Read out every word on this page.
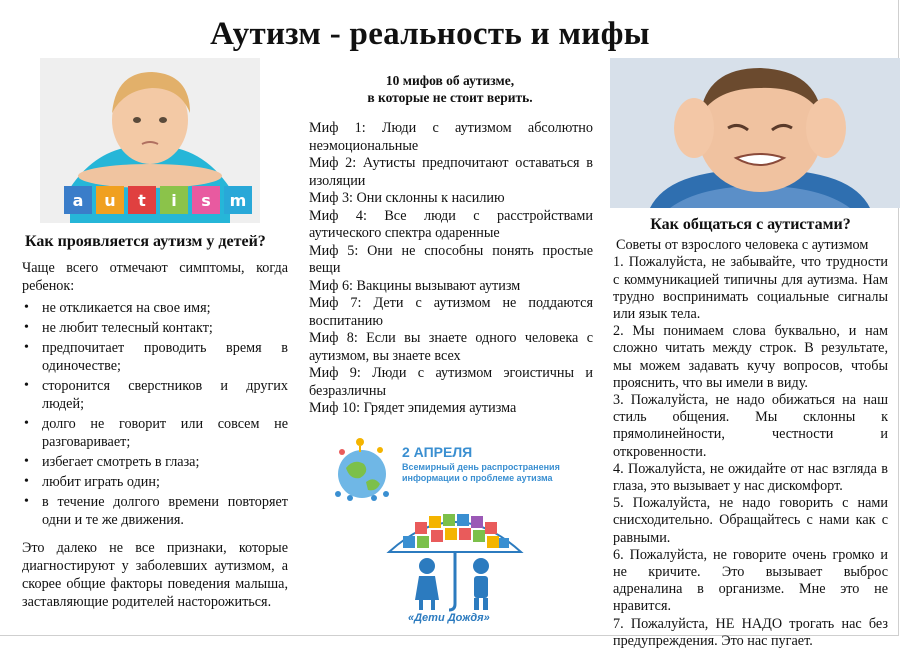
Аутизм - реальность и мифы
a u t i s m
Как проявляется аутизм у детей?

Чаще всего отмечают симптомы, когда ребенок:

• не откликается на свое имя;
• не любит телесный контакт;
• предпочитает проводить время в одиночестве;
• сторонится сверстников и других людей;
• долго не говорит или совсем не разговаривает;
• избегает смотреть в глаза;
• любит играть один;
• в течение долгого времени повторяет одни и те же движения.

Это далеко не все признаки, которые диагностируют у заболевших аутизмом, а скорее общие факторы поведения малыша, заставляющие родителей насторожиться.

10 мифов об аутизме,
в которые не стоит верить.
Миф 1: Люди с аутизмом абсолютно неэмоциональные
Миф 2: Аутисты предпочитают оставаться в изоляции
Миф 3: Они склонны к насилию
Миф 4: Все люди с расстройствами аутического спектра одаренные
Миф 5: Они не способны понять простые вещи
Миф 6: Вакцины вызывают аутизм
Миф 7: Дети с аутизмом не поддаются воспитанию
Миф 8: Если вы знаете одного человека с аутизмом, вы знаете всех
Миф 9: Люди с аутизмом эгоистичны и безразличны
Миф 10: Грядет эпидемия аутизма
2 АПРЕЛЯ
Всемирный день распространения информации о проблеме аутизма
«Дети Дождя»
Как общаться с аутистами?

Советы от взрослого человека с аутизмом

1. Пожалуйста, не забывайте, что трудности с коммуникацией типичны для аутизма. Нам трудно воспринимать социальные сигналы или язык тела.

2. Мы понимаем слова буквально, и нам сложно читать между строк. В результате, мы можем задавать кучу вопросов, чтобы прояснить, что вы имели в виду.

3. Пожалуйста, не надо обижаться на наш стиль общения. Мы склонны к прямолинейности, честности и откровенности.

4. Пожалуйста, не ожидайте от нас взгляда в глаза, это вызывает у нас дискомфорт.

5. Пожалуйста, не надо говорить с нами снисходительно. Обращайтесь с нами как с равными.

6. Пожалуйста, не говорите очень громко и не кричите. Это вызывает выброс адреналина в организме. Мне это не нравится.

7. Пожалуйста, НЕ НАДО трогать нас без предупреждения. Это нас пугает.
